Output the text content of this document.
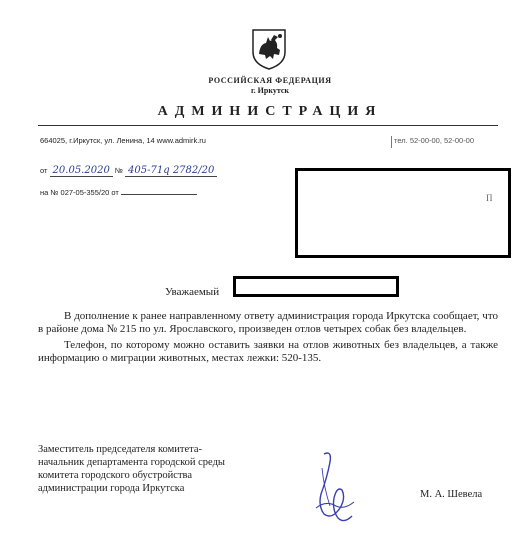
РОССИЙСКАЯ ФЕДЕРАЦИЯ
г. Иркутск
АДМИНИСТРАЦИЯ
664025, г.Иркутск, ул. Ленина, 14 www.admirk.ru	тел. 52-00-00, 52-00-00
от 20.05.2020 № 405-71q 2782/20
на № 027-05-355/20 от
П
Уважаемый

В дополнение к ранее направленному ответу администрация города Иркутска сообщает, что в районе дома № 215 по ул. Ярославского, произведен отлов четырех собак без владельцев.

Телефон, по которому можно оставить заявки на отлов животных без владельцев, а также информацию о миграции животных, местах лежки: 520-135.

Заместитель председателя комитета-
начальник департамента городской среды
комитета городского обустройства
администрации города Иркутска
М. А. Шевела
